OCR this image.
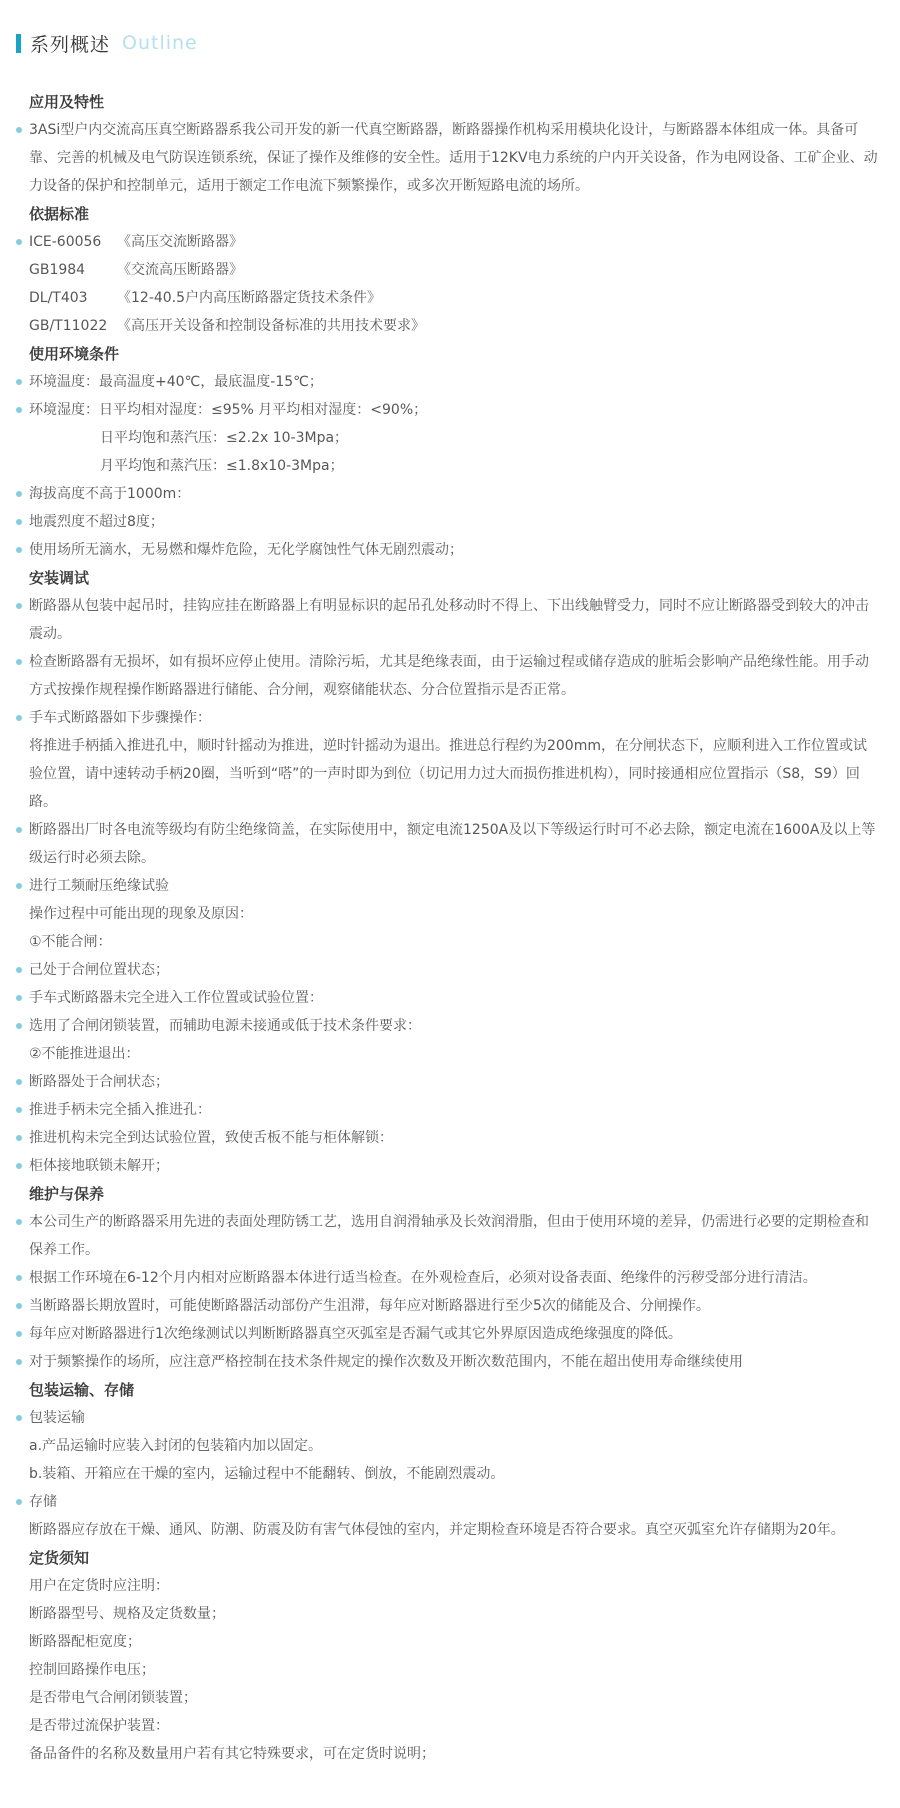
系列概述 Outline
应用及特性
3ASi型户内交流高压真空断路器系我公司开发的新一代真空断路器，断路器操作机构采用模块化设计，与断路器本体组成一体。具备可靠、完善的机械及电气防误连锁系统，保证了操作及维修的安全性。适用于12KV电力系统的户内开关设备，作为电网设备、工矿企业、动力设备的保护和控制单元，适用于额定工作电流下频繁操作，或多次开断短路电流的场所。
依据标准
ICE-60056 《高压交流断路器》
GB1984 《交流高压断路器》
DL/T403 《12-40.5户内高压断路器定货技术条件》
GB/T11022 《高压开关设备和控制设备标准的共用技术要求》
使用环境条件
环境温度：最高温度+40℃，最底温度-15℃；
环境湿度：日平均相对湿度：≤95% 月平均相对湿度：<90%；
日平均饱和蒸汽压：≤2.2x 10-3Mpa；
月平均饱和蒸汽压：≤1.8x10-3Mpa；
海拔高度不高于1000m：
地震烈度不超过8度；
使用场所无滴水，无易燃和爆炸危险，无化学腐蚀性气体无剧烈震动；
安装调试
断路器从包装中起吊时，挂钩应挂在断路器上有明显标识的起吊孔处移动时不得上、下出线触臂受力，同时不应让断路器受到较大的冲击震动。
检查断路器有无损坏，如有损坏应停止使用。清除污垢，尤其是绝缘表面，由于运输过程或储存造成的脏垢会影响产品绝缘性能。用手动方式按操作规程操作断路器进行储能、合分闸，观察储能状态、分合位置指示是否正常。
手车式断路器如下步骤操作：
将推进手柄插入推进孔中，顺时针摇动为推进，逆时针摇动为退出。推进总行程约为200mm，在分闸状态下，应顺利进入工作位置或试验位置，请中速转动手柄20圈，当听到“嗒”的一声时即为到位（切记用力过大而损伤推进机构），同时接通相应位置指示（S8，S9）回路。
断路器出厂时各电流等级均有防尘绝缘筒盖，在实际使用中，额定电流1250A及以下等级运行时可不必去除，额定电流在1600A及以上等级运行时必须去除。
进行工频耐压绝缘试验
操作过程中可能出现的现象及原因：
①不能合闸：
己处于合闸位置状态；
手车式断路器未完全进入工作位置或试验位置：
选用了合闸闭锁装置，而辅助电源未接通或低于技术条件要求：
②不能推进退出：
断路器处于合闸状态；
推进手柄未完全插入推进孔：
推进机构未完全到达试验位置，致使舌板不能与柜体解锁：
柜体接地联锁未解开；
维护与保养
本公司生产的断路器采用先进的表面处理防锈工艺，选用自润滑轴承及长效润滑脂，但由于使用环境的差异，仍需进行必要的定期检查和保养工作。
根据工作环境在6-12个月内相对应断路器本体进行适当检查。在外观检查后，必须对设备表面、绝缘件的污秽受部分进行清洁。
当断路器长期放置时，可能使断路器活动部份产生沮滞，每年应对断路器进行至少5次的储能及合、分闸操作。
每年应对断路器进行1次绝缘测试以判断断路器真空灭弧室是否漏气或其它外界原因造成绝缘强度的降低。
对于频繁操作的场所，应注意严格控制在技术条件规定的操作次数及开断次数范围内，不能在超出使用寿命继续使用
包装运输、存储
包装运输
a.产品运输时应装入封闭的包装箱内加以固定。
b.装箱、开箱应在干燥的室内，运输过程中不能翻转、倒放，不能剧烈震动。
存储
断路器应存放在干燥、通风、防潮、防震及防有害气体侵蚀的室内，并定期检查环境是否符合要求。真空灭弧室允许存储期为20年。
定货须知
用户在定货时应注明：
断路器型号、规格及定货数量；
断路器配柜宽度；
控制回路操作电压；
是否带电气合闸闭锁装置；
是否带过流保护装置：
备品备件的名称及数量用户若有其它特殊要求，可在定货时说明；
